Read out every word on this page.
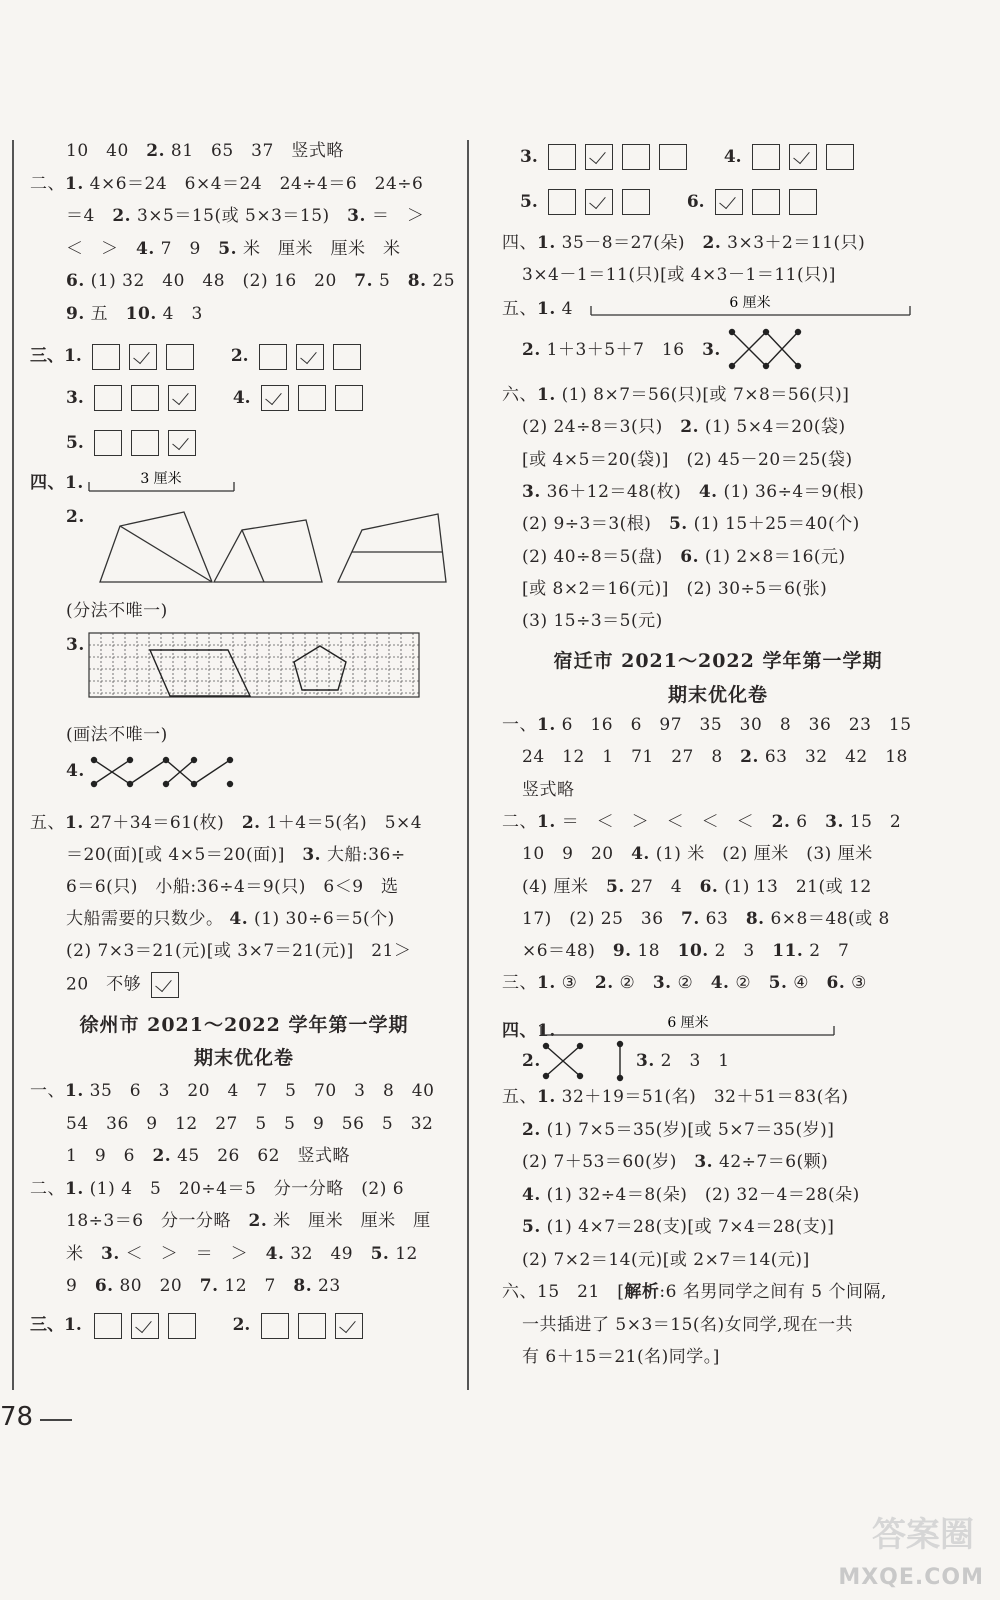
10　40　2. 81　65　37　竖式略
二、1. 4×6＝24　6×4＝24　24÷4＝6　24÷6
＝4　2. 3×5＝15(或 5×3＝15)　3. ＝　＞
＜　＞　4. 7　9　5. 米　厘米　厘米　米
6. (1) 32　40　48　(2) 16　20　7. 5　8. 25
9. 五　10. 4　3
三、1.	2.
3.	4.
5.
四、1.	3 厘米
2.
(分法不唯一)
3.
(画法不唯一)
4.
五、1. 27＋34＝61(枚)　2. 1＋4＝5(名)　5×4
＝20(面)[或 4×5＝20(面)]　3. 大船:36÷
6＝6(只)　小船:36÷4＝9(只)　6＜9　选
大船需要的只数少。 4. (1) 30÷6＝5(个)
(2) 7×3＝21(元)[或 3×7＝21(元)]　21＞
20　不够
徐州市 2021～2022 学年第一学期
期末优化卷
一、1. 35　6　3　20　4　7　5　70　3　8　40
54　36　9　12　27　5　5　9　56　5　32
1　9　6　2. 45　26　62　竖式略
二、1. (1) 4　5　20÷4＝5　分一分略　(2) 6
18÷3＝6　分一分略　2. 米　厘米　厘米　厘
米　3. ＜　＞　＝　＞　4. 32　49　5. 12
9　6. 80　20　7. 12　7　8. 23
三、1.	2.
3.	4.
5.	6.
四、1. 35－8＝27(朵)　2. 3×3＋2＝11(只)
3×4－1＝11(只)[或 4×3－1＝11(只)]
五、1. 4	6 厘米
2. 1＋3＋5＋7　16　3.
六、1. (1) 8×7＝56(只)[或 7×8＝56(只)]
(2) 24÷8＝3(只)　2. (1) 5×4＝20(袋)
[或 4×5＝20(袋)]　(2) 45－20＝25(袋)
3. 36＋12＝48(枚)　4. (1) 36÷4＝9(根)
(2) 9÷3＝3(根)　5. (1) 15＋25＝40(个)
(2) 40÷8＝5(盘)　6. (1) 2×8＝16(元)
[或 8×2＝16(元)]　(2) 30÷5＝6(张)
(3) 15÷3＝5(元)
宿迁市 2021～2022 学年第一学期
期末优化卷
一、1. 6　16　6　97　35　30　8　36　23　15
24　12　1　71　27　8　2. 63　32　42　18
竖式略
二、1. ＝　＜　＞　＜　＜　＜　2. 6　3. 15　2
10　9　20　4. (1) 米　(2) 厘米　(3) 厘米
(4) 厘米　5. 27　4　6. (1) 13　21(或 12
17)　(2) 25　36　7. 63　8. 6×8＝48(或 8
×6＝48)　9. 18　10. 2　3　11. 2　7
三、1. ③　2. ②　3. ②　4. ②　5. ④　6. ③
四、1.	6 厘米
2.	3. 2　3　1
五、1. 32＋19＝51(名)　32＋51＝83(名)
2. (1) 7×5＝35(岁)[或 5×7＝35(岁)]
(2) 7＋53＝60(岁)　3. 42÷7＝6(颗)
4. (1) 32÷4＝8(朵)　(2) 32－4＝28(朵)
5. (1) 4×7＝28(支)[或 7×4＝28(支)]
(2) 7×2＝14(元)[或 2×7＝14(元)]
六、15　21　[解析:6 名男同学之间有 5 个间隔,
一共插进了 5×3＝15(名)女同学,现在一共
有 6＋15＝21(名)同学。]
78
答案圈
MXQE.COM
